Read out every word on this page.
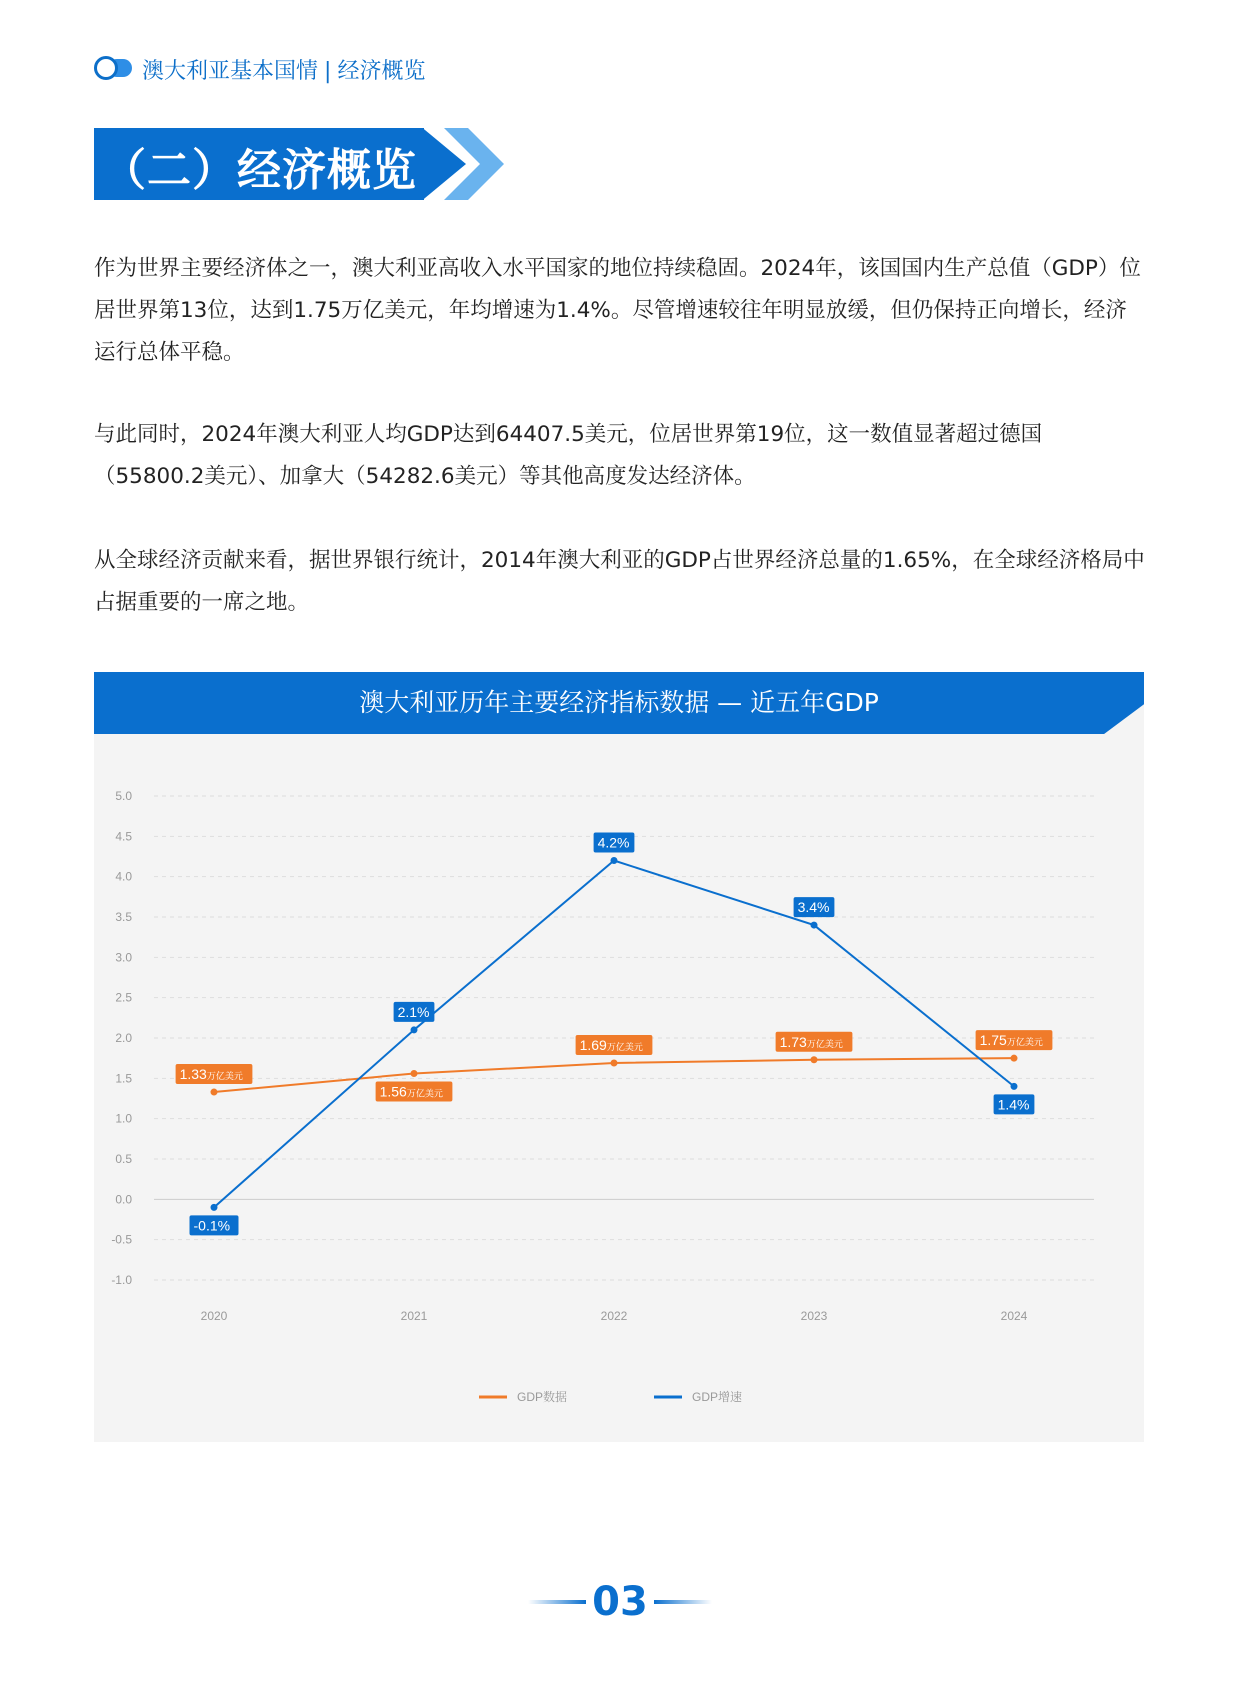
澳大利亚基本国情 | 经济概览
（二）经济概览
作为世界主要经济体之一，澳大利亚高收入水平国家的地位持续稳固。2024年，该国国内生产总值（GDP）位居世界第13位，达到1.75万亿美元，年均增速为1.4%。尽管增速较往年明显放缓，但仍保持正向增长，经济运行总体平稳。
与此同时，2024年澳大利亚人均GDP达到64407.5美元，位居世界第19位，这一数值显著超过德国（55800.2美元）、加拿大（54282.6美元）等其他高度发达经济体。
从全球经济贡献来看，据世界银行统计，2014年澳大利亚的GDP占世界经济总量的1.65%，在全球经济格局中占据重要的一席之地。
澳大利亚历年主要经济指标数据 — 近五年GDP
5.0
4.5
4.0
3.5
3.0
2.5
2.0
1.5
1.0
0.5
0.0
-0.5
-1.0
2020	2021	2022	2023	2024
1.33万亿美元
1.56万亿美元
1.69万亿美元	1.73万亿美元	1.75万亿美元
-0.1%
2.1%
4.2%
3.4%
1.4%
GDP数据	GDP增速
03
